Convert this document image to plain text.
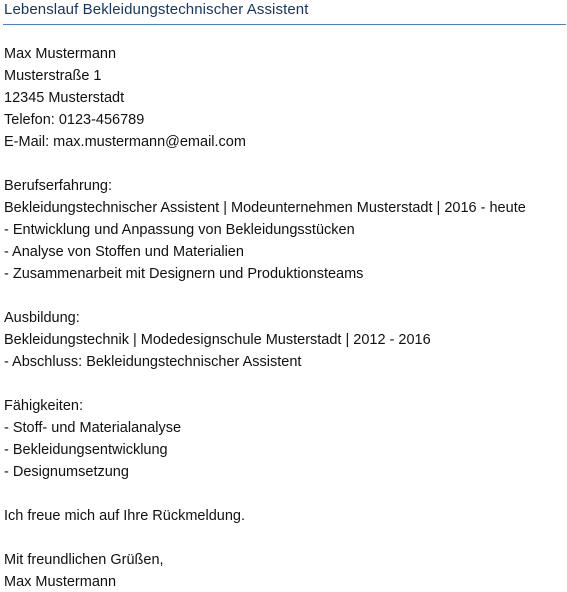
Lebenslauf Bekleidungstechnischer Assistent
Max Mustermann
Musterstraße 1
12345 Musterstadt
Telefon: 0123-456789
E-Mail: max.mustermann@email.com
Berufserfahrung:
Bekleidungstechnischer Assistent | Modeunternehmen Musterstadt | 2016 - heute
- Entwicklung und Anpassung von Bekleidungsstücken
- Analyse von Stoffen und Materialien
- Zusammenarbeit mit Designern und Produktionsteams
Ausbildung:
Bekleidungstechnik | Modedesignschule Musterstadt | 2012 - 2016
- Abschluss: Bekleidungstechnischer Assistent
Fähigkeiten:
- Stoff- und Materialanalyse
- Bekleidungsentwicklung
- Designumsetzung
Ich freue mich auf Ihre Rückmeldung.
Mit freundlichen Grüßen,
Max Mustermann
